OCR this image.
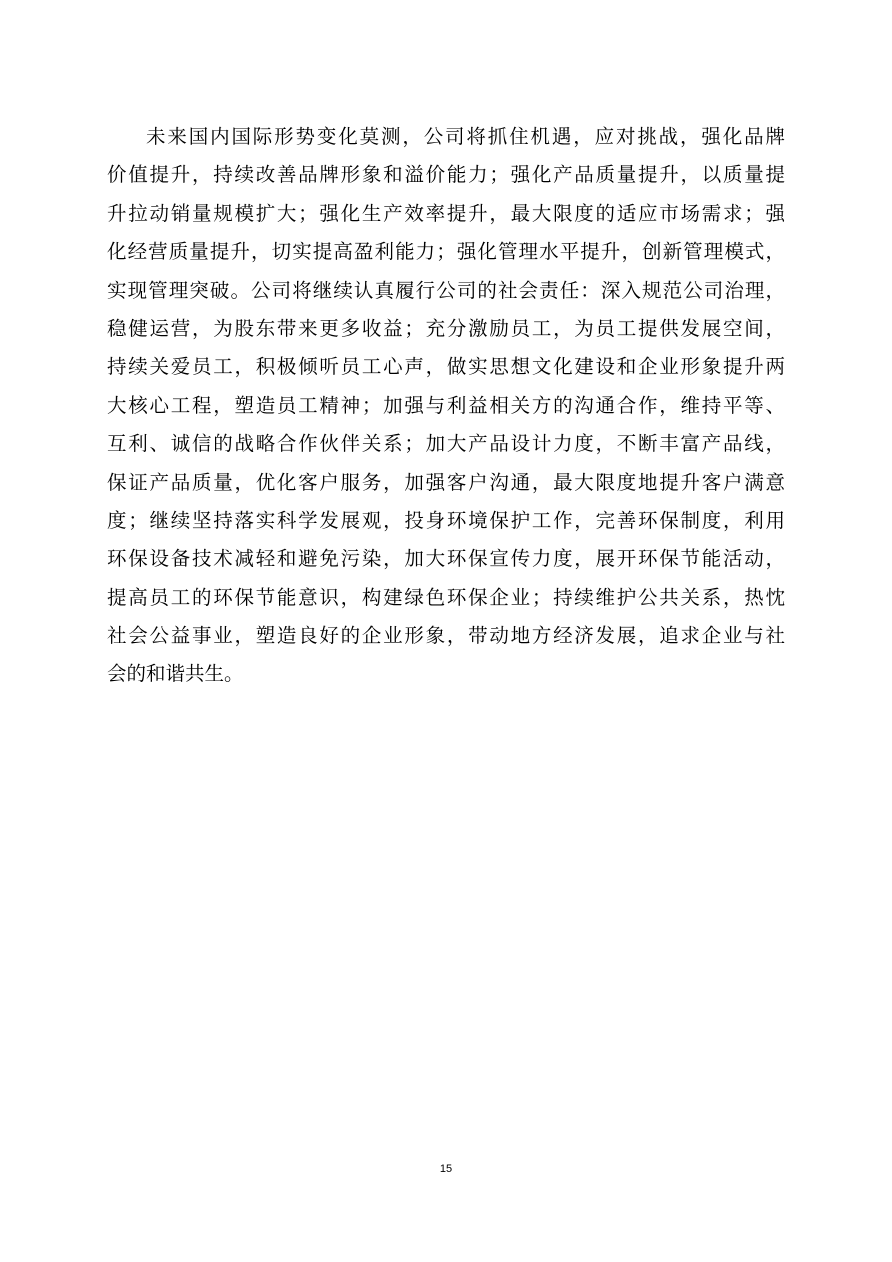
未来国内国际形势变化莫测，公司将抓住机遇，应对挑战，强化品牌
价值提升，持续改善品牌形象和溢价能力；强化产品质量提升，以质量提
升拉动销量规模扩大；强化生产效率提升，最大限度的适应市场需求；强
化经营质量提升，切实提高盈利能力；强化管理水平提升，创新管理模式，
实现管理突破。公司将继续认真履行公司的社会责任：深入规范公司治理，
稳健运营，为股东带来更多收益；充分激励员工，为员工提供发展空间，
持续关爱员工，积极倾听员工心声，做实思想文化建设和企业形象提升两
大核心工程，塑造员工精神；加强与利益相关方的沟通合作，维持平等、
互利、诚信的战略合作伙伴关系；加大产品设计力度，不断丰富产品线，
保证产品质量，优化客户服务，加强客户沟通，最大限度地提升客户满意
度；继续坚持落实科学发展观，投身环境保护工作，完善环保制度，利用
环保设备技术减轻和避免污染，加大环保宣传力度，展开环保节能活动，
提高员工的环保节能意识，构建绿色环保企业；持续维护公共关系，热忱
社会公益事业，塑造良好的企业形象，带动地方经济发展，追求企业与社
会的和谐共生。
15
